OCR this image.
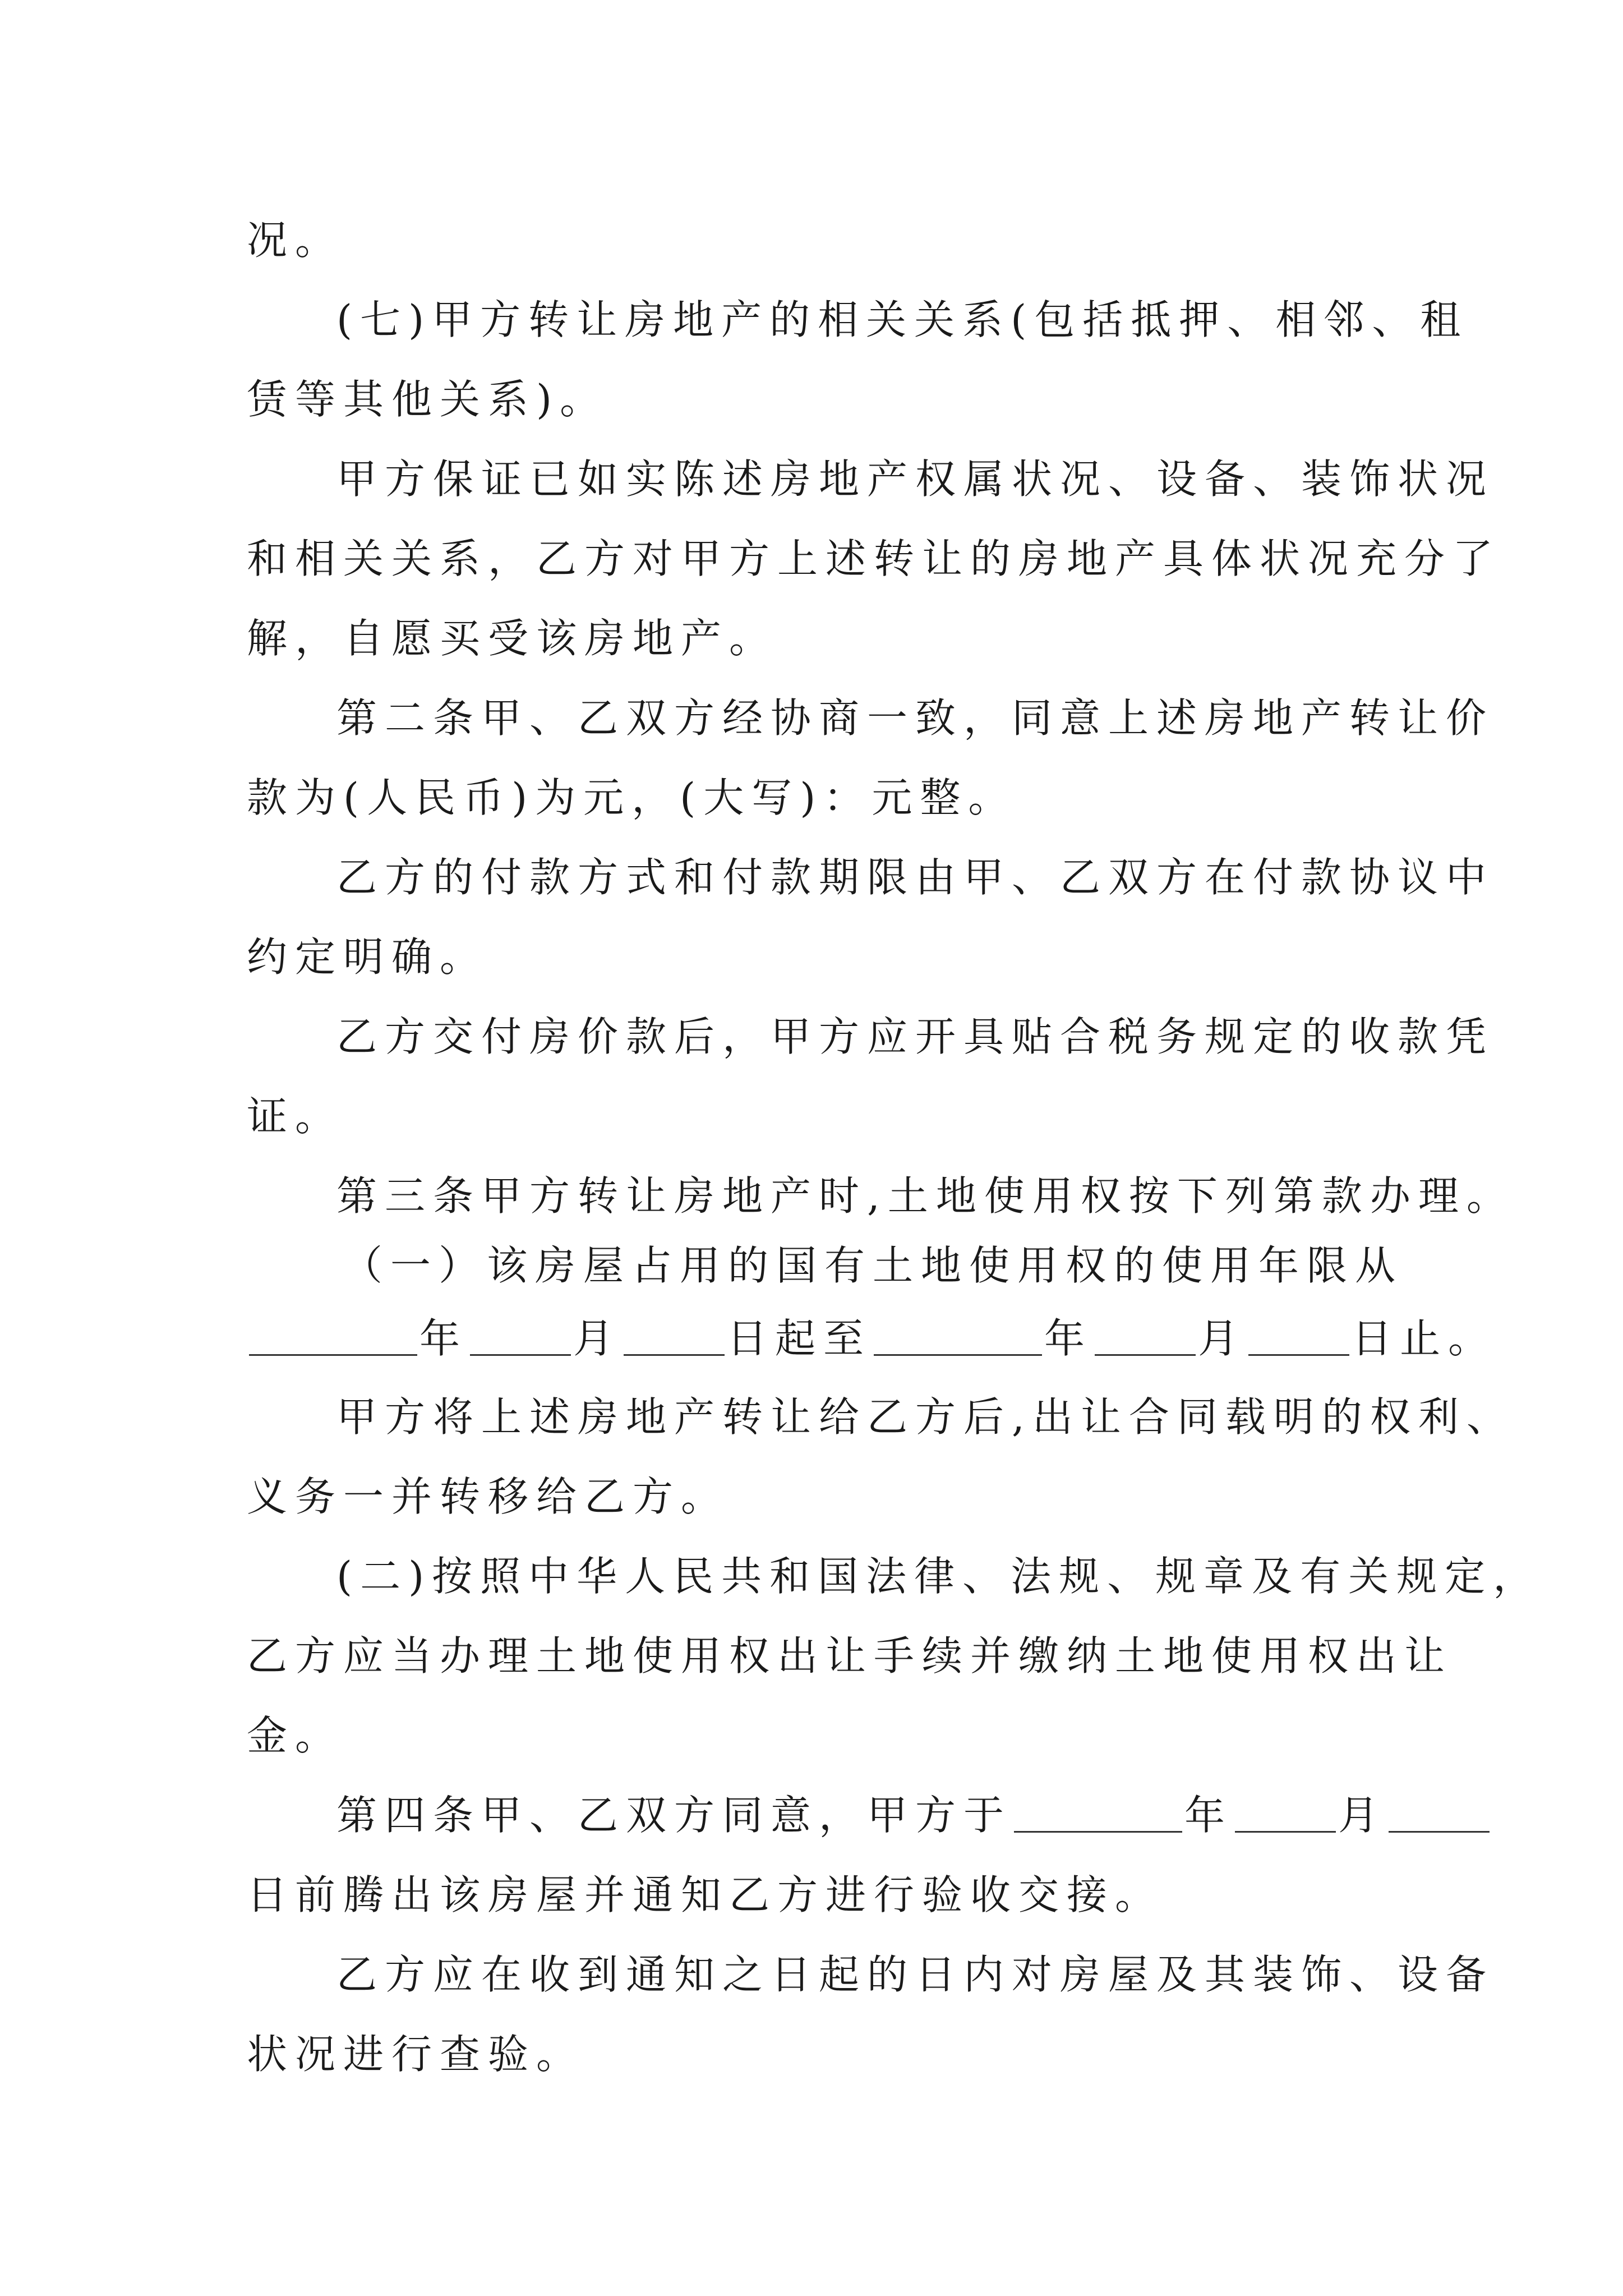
况。
(七)甲方转让房地产的相关关系(包括抵押、相邻、租
赁等其他关系)。
甲方保证已如实陈述房地产权属状况、设备、装饰状况
和相关关系，乙方对甲方上述转让的房地产具体状况充分了
解，自愿买受该房地产。
第二条甲、乙双方经协商一致，同意上述房地产转让价
款为(人民币)为元，(大写)：元整。
乙方的付款方式和付款期限由甲、乙双方在付款协议中
约定明确。
乙方交付房价款后，甲方应开具贴合税务规定的收款凭
证。
第三条甲方转让房地产时,土地使用权按下列第款办理。
（一）该房屋占用的国有土地使用权的使用年限从
年	月	日起至	年	月	日止。
甲方将上述房地产转让给乙方后,出让合同载明的权利、
义务一并转移给乙方。
(二)按照中华人民共和国法律、法规、规章及有关规定，
乙方应当办理土地使用权出让手续并缴纳土地使用权出让
金。
第四条甲、乙双方同意，甲方于	年	月
日前腾出该房屋并通知乙方进行验收交接。
乙方应在收到通知之日起的日内对房屋及其装饰、设备
状况进行查验。
